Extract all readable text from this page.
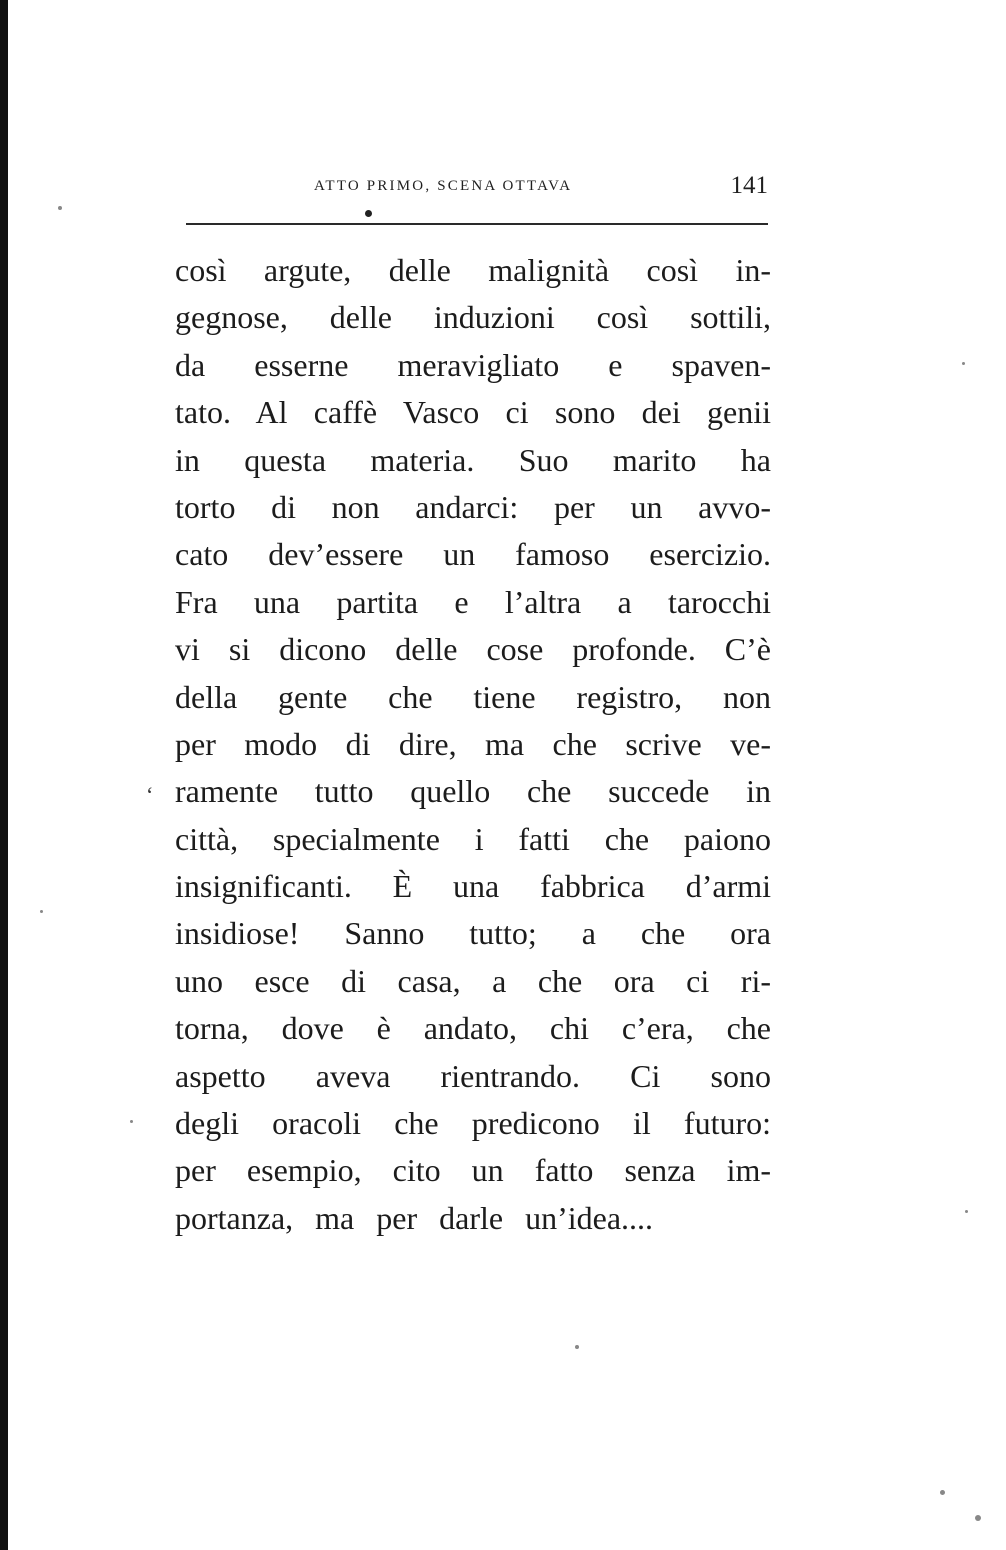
ATTO PRIMO, SCENA OTTAVA	141
‘
così argute, delle malignità così in-
gegnose, delle induzioni così sottili,
da esserne meravigliato e spaven-
tato. Al caffè Vasco ci sono dei genii
in questa materia. Suo marito ha
torto di non andarci: per un avvo-
cato dev’essere un famoso esercizio.
Fra una partita e l’altra a tarocchi
vi si dicono delle cose profonde. C’è
della gente che tiene registro, non
per modo di dire, ma che scrive ve-
ramente tutto quello che succede in
città, specialmente i fatti che paiono
insignificanti. È una fabbrica d’armi
insidiose! Sanno tutto; a che ora
uno esce di casa, a che ora ci ri-
torna, dove è andato, chi c’era, che
aspetto aveva rientrando. Ci sono
degli oracoli che predicono il futuro:
per esempio, cito un fatto senza im-
portanza, ma per darle un’idea....
